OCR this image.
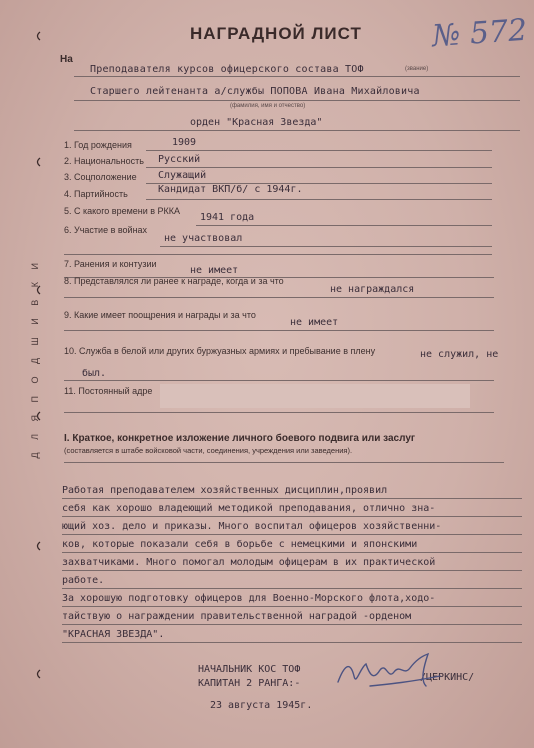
НАГРАДНОЙ ЛИСТ № 572
На
Преподавателя курсов офицерского состава ТОФ	(звание)
Старшего лейтенанта а/службы ПОПОВА Ивана Михайловича
(фамилия, имя и отчество)
орден "Красная Звезда"
1. Год рождения	1909
2. Национальность Русский
3. Соцположение Служащий
4. Партийность	Кандидат ВКП/б/ с 1944г.
5. С какого времени в РККА
1941 года
6. Участие в войнах
не участвовал
7. Ранения и контузии
не имеет
8. Представлялся ли ранее к награде, когда и за что
не награждался
9. Какие имеет поощрения и награды и за что
не имеет
10. Служба в белой или других буржуазных армиях и пребывание в плену	не служил, не
был.
11. Постоянный адре
Д Л Я П О Д Ш И В К И I. Краткое, конкретное изложение личного боевого подвига или заслуг
(составляется в штабе войсковой части, соединения, учреждения или заведения).
Работая преподавателем хозяйственных дисциплин,проявил
себя как хорошо владеющий методикой преподавания, отлично зна-
ющий хоз. дело и приказы. Много воспитал офицеров хозяйственни-
ков, которые показали себя в борьбе с немецкими и японскими
захватчиками. Много помогал молодым офицерам в их практической
работе.
За хорошую подготовку офицеров для Военно-Морского флота,ходо-
тайствую о награждении правительственной наградой -орденом
"КРАСНАЯ ЗВЕЗДА".
НАЧАЛЬНИК КОС ТОФ
КАПИТАН 2 РАНГА:-
/ЦЕРКИНС/
23 августа 1945г.
